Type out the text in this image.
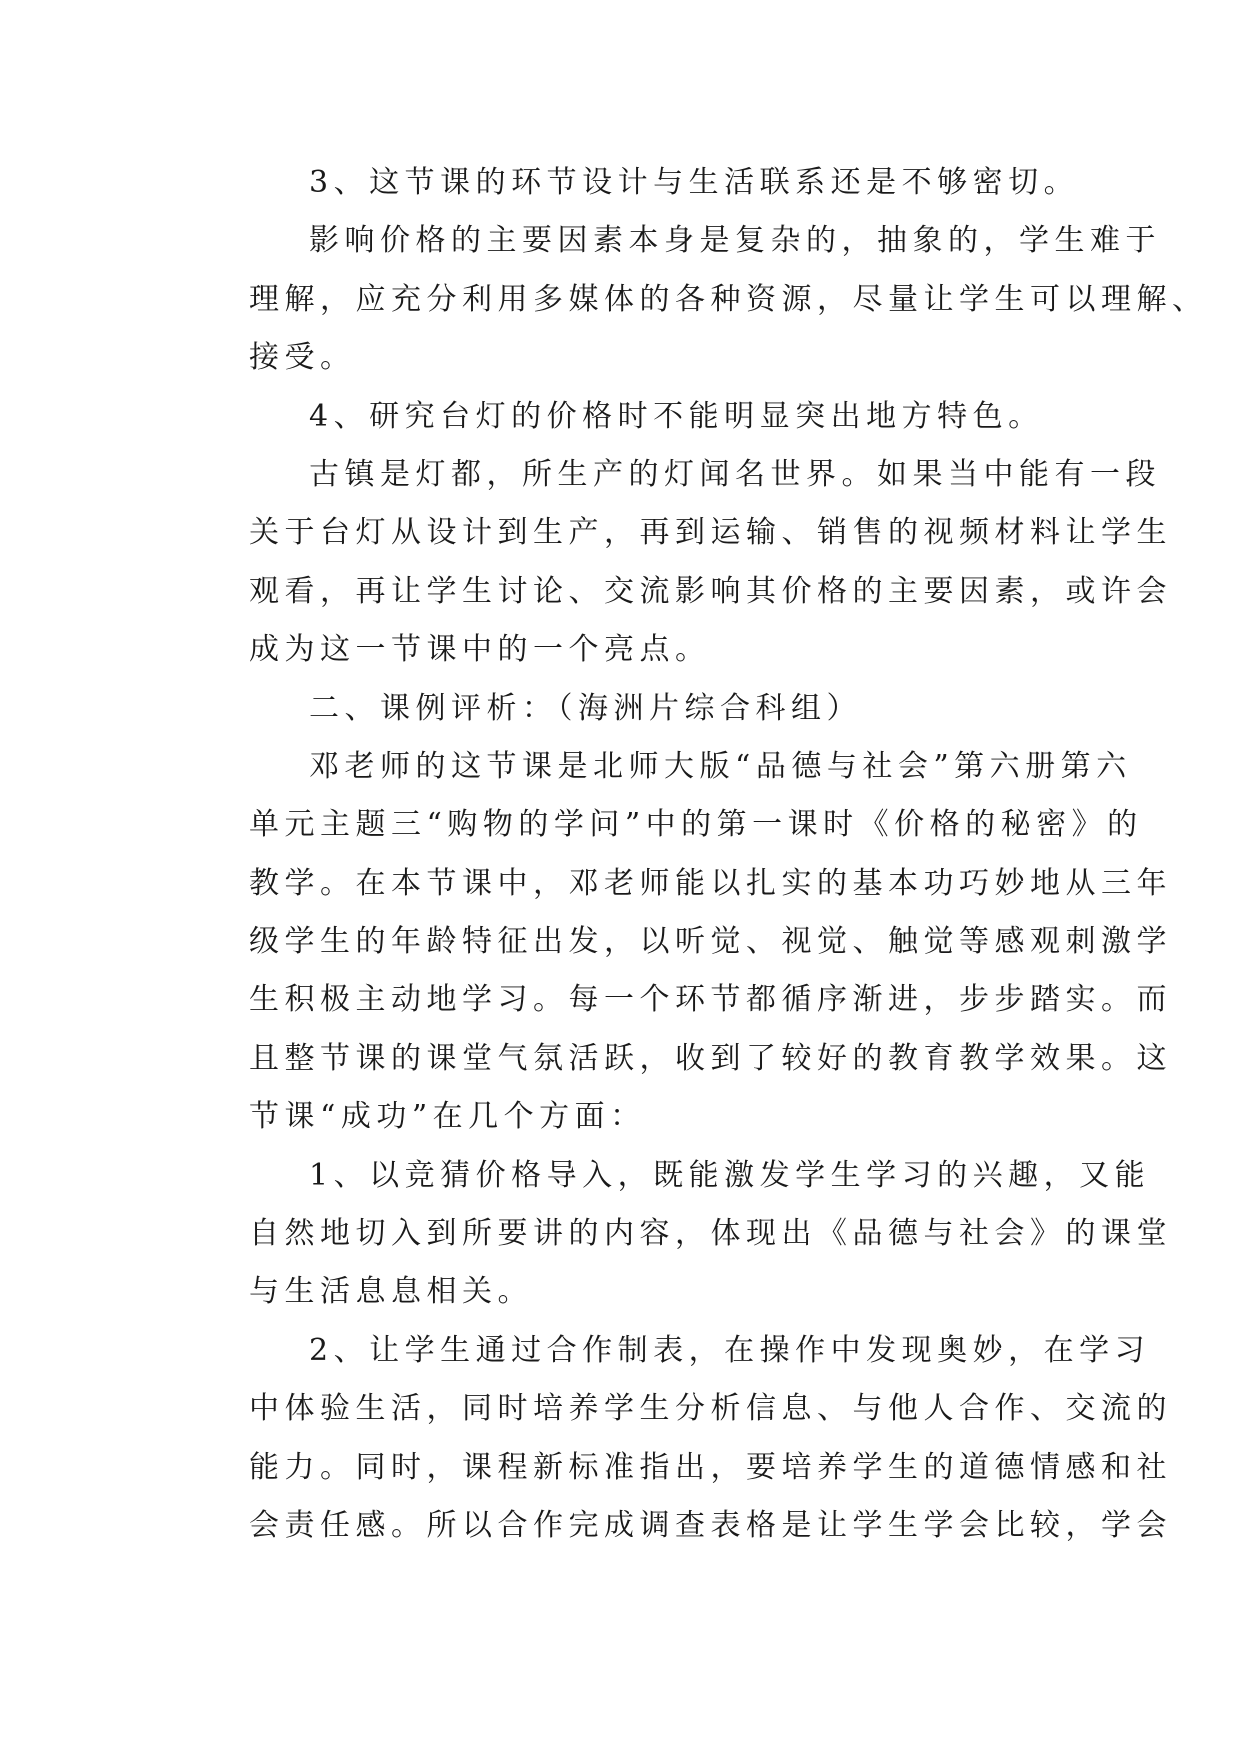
3、这节课的环节设计与生活联系还是不够密切。
影响价格的主要因素本身是复杂的，抽象的，学生难于
理解，应充分利用多媒体的各种资源，尽量让学生可以理解、
接受。
4、研究台灯的价格时不能明显突出地方特色。
古镇是灯都，所生产的灯闻名世界。如果当中能有一段
关于台灯从设计到生产，再到运输、销售的视频材料让学生
观看，再让学生讨论、交流影响其价格的主要因素，或许会
成为这一节课中的一个亮点。
二、课例评析：（海洲片综合科组）
邓老师的这节课是北师大版“品德与社会”第六册第六
单元主题三“购物的学问”中的第一课时《价格的秘密》的
教学。在本节课中，邓老师能以扎实的基本功巧妙地从三年
级学生的年龄特征出发，以听觉、视觉、触觉等感观刺激学
生积极主动地学习。每一个环节都循序渐进，步步踏实。而
且整节课的课堂气氛活跃，收到了较好的教育教学效果。这
节课“成功”在几个方面：
1、以竞猜价格导入，既能激发学生学习的兴趣，又能
自然地切入到所要讲的内容，体现出《品德与社会》的课堂
与生活息息相关。
2、让学生通过合作制表，在操作中发现奥妙，在学习
中体验生活，同时培养学生分析信息、与他人合作、交流的
能力。同时，课程新标准指出，要培养学生的道德情感和社
会责任感。所以合作完成调查表格是让学生学会比较，学会
